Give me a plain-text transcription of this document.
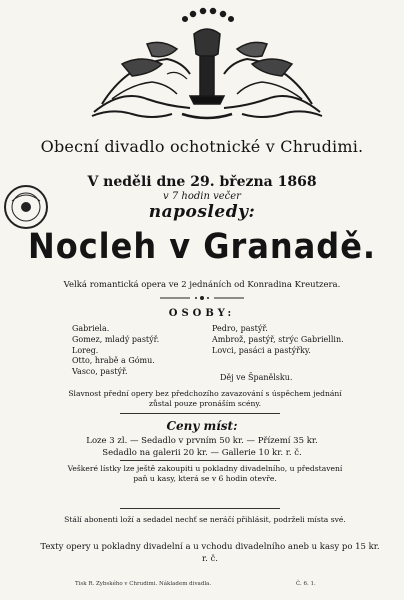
Obecní divadlo ochotnické v Chrudimi.
V neděli dne 29. března 1868
v 7 hodin večer
naposledy:
Nocleh v Granadě.
Velká romantická opera ve 2 jednáních od Konradina Kreutzera.
OSOBY:
Gabriela.
Gomez, mladý pastýř.
Loreg.
Otto, hrabě a Gómu.
Vasco, pastýř.
Pedro, pastýř.
Ambrož, pastýř, strýc Gabriellin.
Lovci, pasáci a pastýřky.
Děj ve Španělsku.
Slavnost přední opery bez předchozího zavazování s úspěchem jednání zůstal pouze pronáším scény.
Ceny míst:
Loze 3 zl. — Sedadlo v prvním 50 kr. — Přízemí 35 kr.
Sedadlo na galerii 20 kr. — Gallerie 10 kr. r. č.
Veškeré lístky lze ještě zakoupiti u pokladny divadelního, u představení paň u kasy, která se v 6 hodin otevře.
Stálí abonenti loží a sedadel nechť se neráčí přihlásit, podrželi místa své.
Texty opery u pokladny divadelní a u vchodu divadelního aneb u kasy po 15 kr. r. č.
Tisk R. Zybského v Chrudimi. Nákladem divadla.	Č. 6. 1.
